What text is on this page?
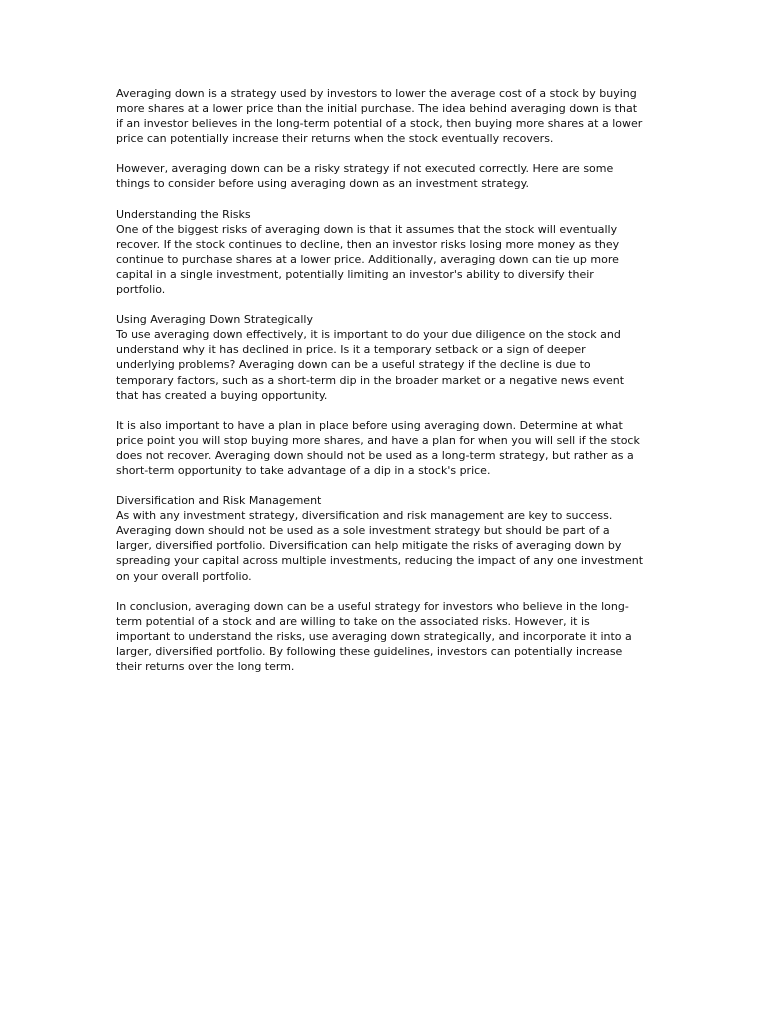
Averaging down is a strategy used by investors to lower the average cost of a stock by buying more shares at a lower price than the initial purchase. The idea behind averaging down is that if an investor believes in the long-term potential of a stock, then buying more shares at a lower price can potentially increase their returns when the stock eventually recovers.

However, averaging down can be a risky strategy if not executed correctly. Here are some things to consider before using averaging down as an investment strategy.

Understanding the Risks

One of the biggest risks of averaging down is that it assumes that the stock will eventually recover. If the stock continues to decline, then an investor risks losing more money as they continue to purchase shares at a lower price. Additionally, averaging down can tie up more capital in a single investment, potentially limiting an investor's ability to diversify their portfolio.

Using Averaging Down Strategically

To use averaging down effectively, it is important to do your due diligence on the stock and understand why it has declined in price. Is it a temporary setback or a sign of deeper underlying problems? Averaging down can be a useful strategy if the decline is due to temporary factors, such as a short-term dip in the broader market or a negative news event that has created a buying opportunity.

It is also important to have a plan in place before using averaging down. Determine at what price point you will stop buying more shares, and have a plan for when you will sell if the stock does not recover. Averaging down should not be used as a long-term strategy, but rather as a short-term opportunity to take advantage of a dip in a stock's price.

Diversification and Risk Management

As with any investment strategy, diversification and risk management are key to success. Averaging down should not be used as a sole investment strategy but should be part of a larger, diversified portfolio. Diversification can help mitigate the risks of averaging down by spreading your capital across multiple investments, reducing the impact of any one investment on your overall portfolio.

In conclusion, averaging down can be a useful strategy for investors who believe in the long-term potential of a stock and are willing to take on the associated risks. However, it is important to understand the risks, use averaging down strategically, and incorporate it into a larger, diversified portfolio. By following these guidelines, investors can potentially increase their returns over the long term.
